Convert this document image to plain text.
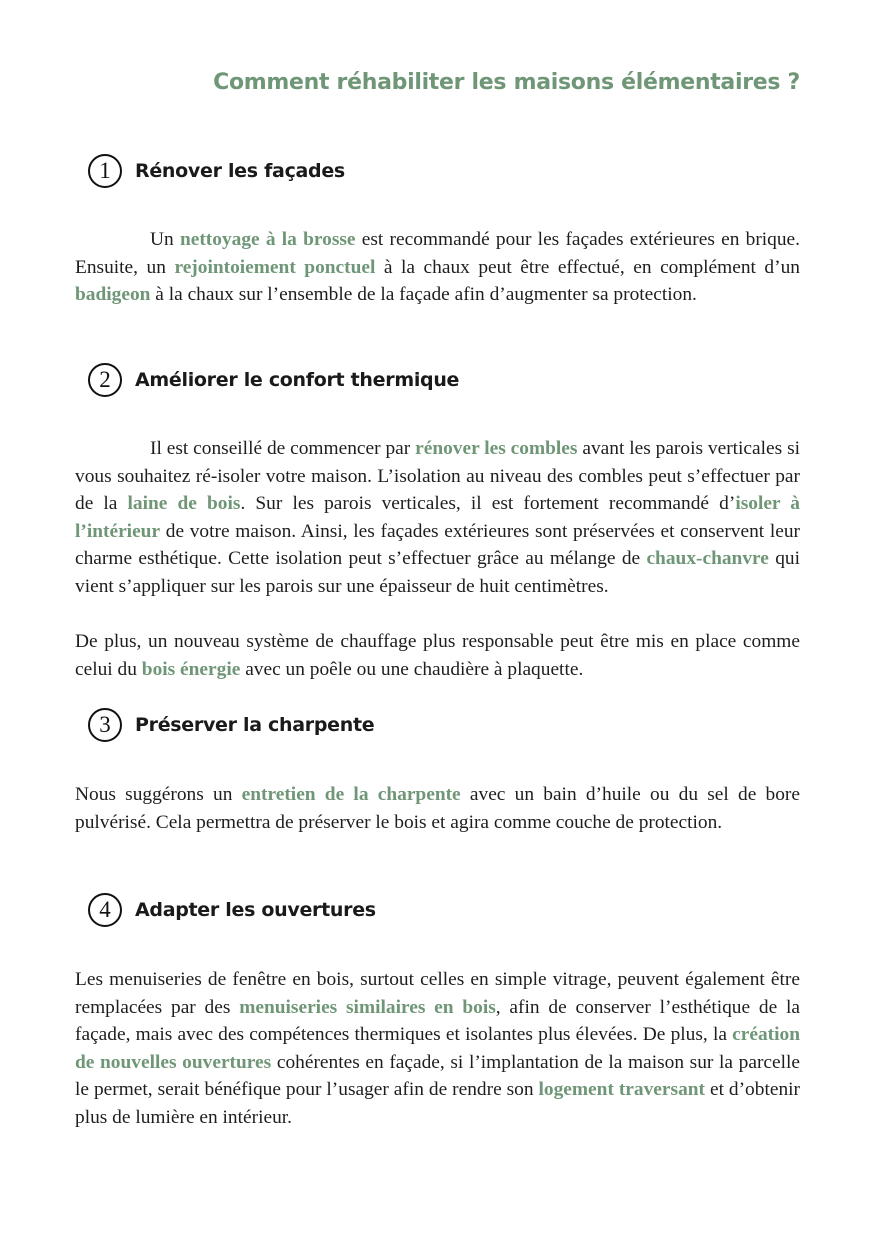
Comment réhabiliter les maisons élémentaires ?
1	Rénover les façades

Un nettoyage à la brosse est recommandé pour les façades extérieures en brique. Ensuite, un rejointoiement ponctuel à la chaux peut être effectué, en complément d’un badigeon à la chaux sur l’ensemble de la façade afin d’augmenter sa protection.

2	Améliorer le confort thermique

Il est conseillé de commencer par rénover les combles avant les parois verticales si vous souhaitez ré-isoler votre maison. L’isolation au niveau des combles peut s’effectuer par de la laine de bois. Sur les parois verticales, il est fortement recommandé d’isoler à l’intérieur de votre maison. Ainsi, les façades extérieures sont préservées et conservent leur charme esthétique. Cette isolation peut s’effectuer grâce au mélange de chaux-chanvre qui vient s’appliquer sur les parois sur une épaisseur de huit centimètres.

De plus, un nouveau système de chauffage plus responsable peut être mis en place comme celui du bois énergie avec un poêle ou une chaudière à plaquette.

3	Préserver la charpente

Nous suggérons un entretien de la charpente avec un bain d’huile ou du sel de bore pulvérisé. Cela permettra de préserver le bois et agira comme couche de protection.

4	Adapter les ouvertures

Les menuiseries de fenêtre en bois, surtout celles en simple vitrage, peuvent également être remplacées par des menuiseries similaires en bois, afin de conserver l’esthétique de la façade, mais avec des compétences thermiques et isolantes plus élevées. De plus, la création de nouvelles ouvertures cohérentes en façade, si l’implantation de la maison sur la parcelle le permet, serait bénéfique pour l’usager afin de rendre son logement traversant et d’obtenir plus de lumière en intérieur.
